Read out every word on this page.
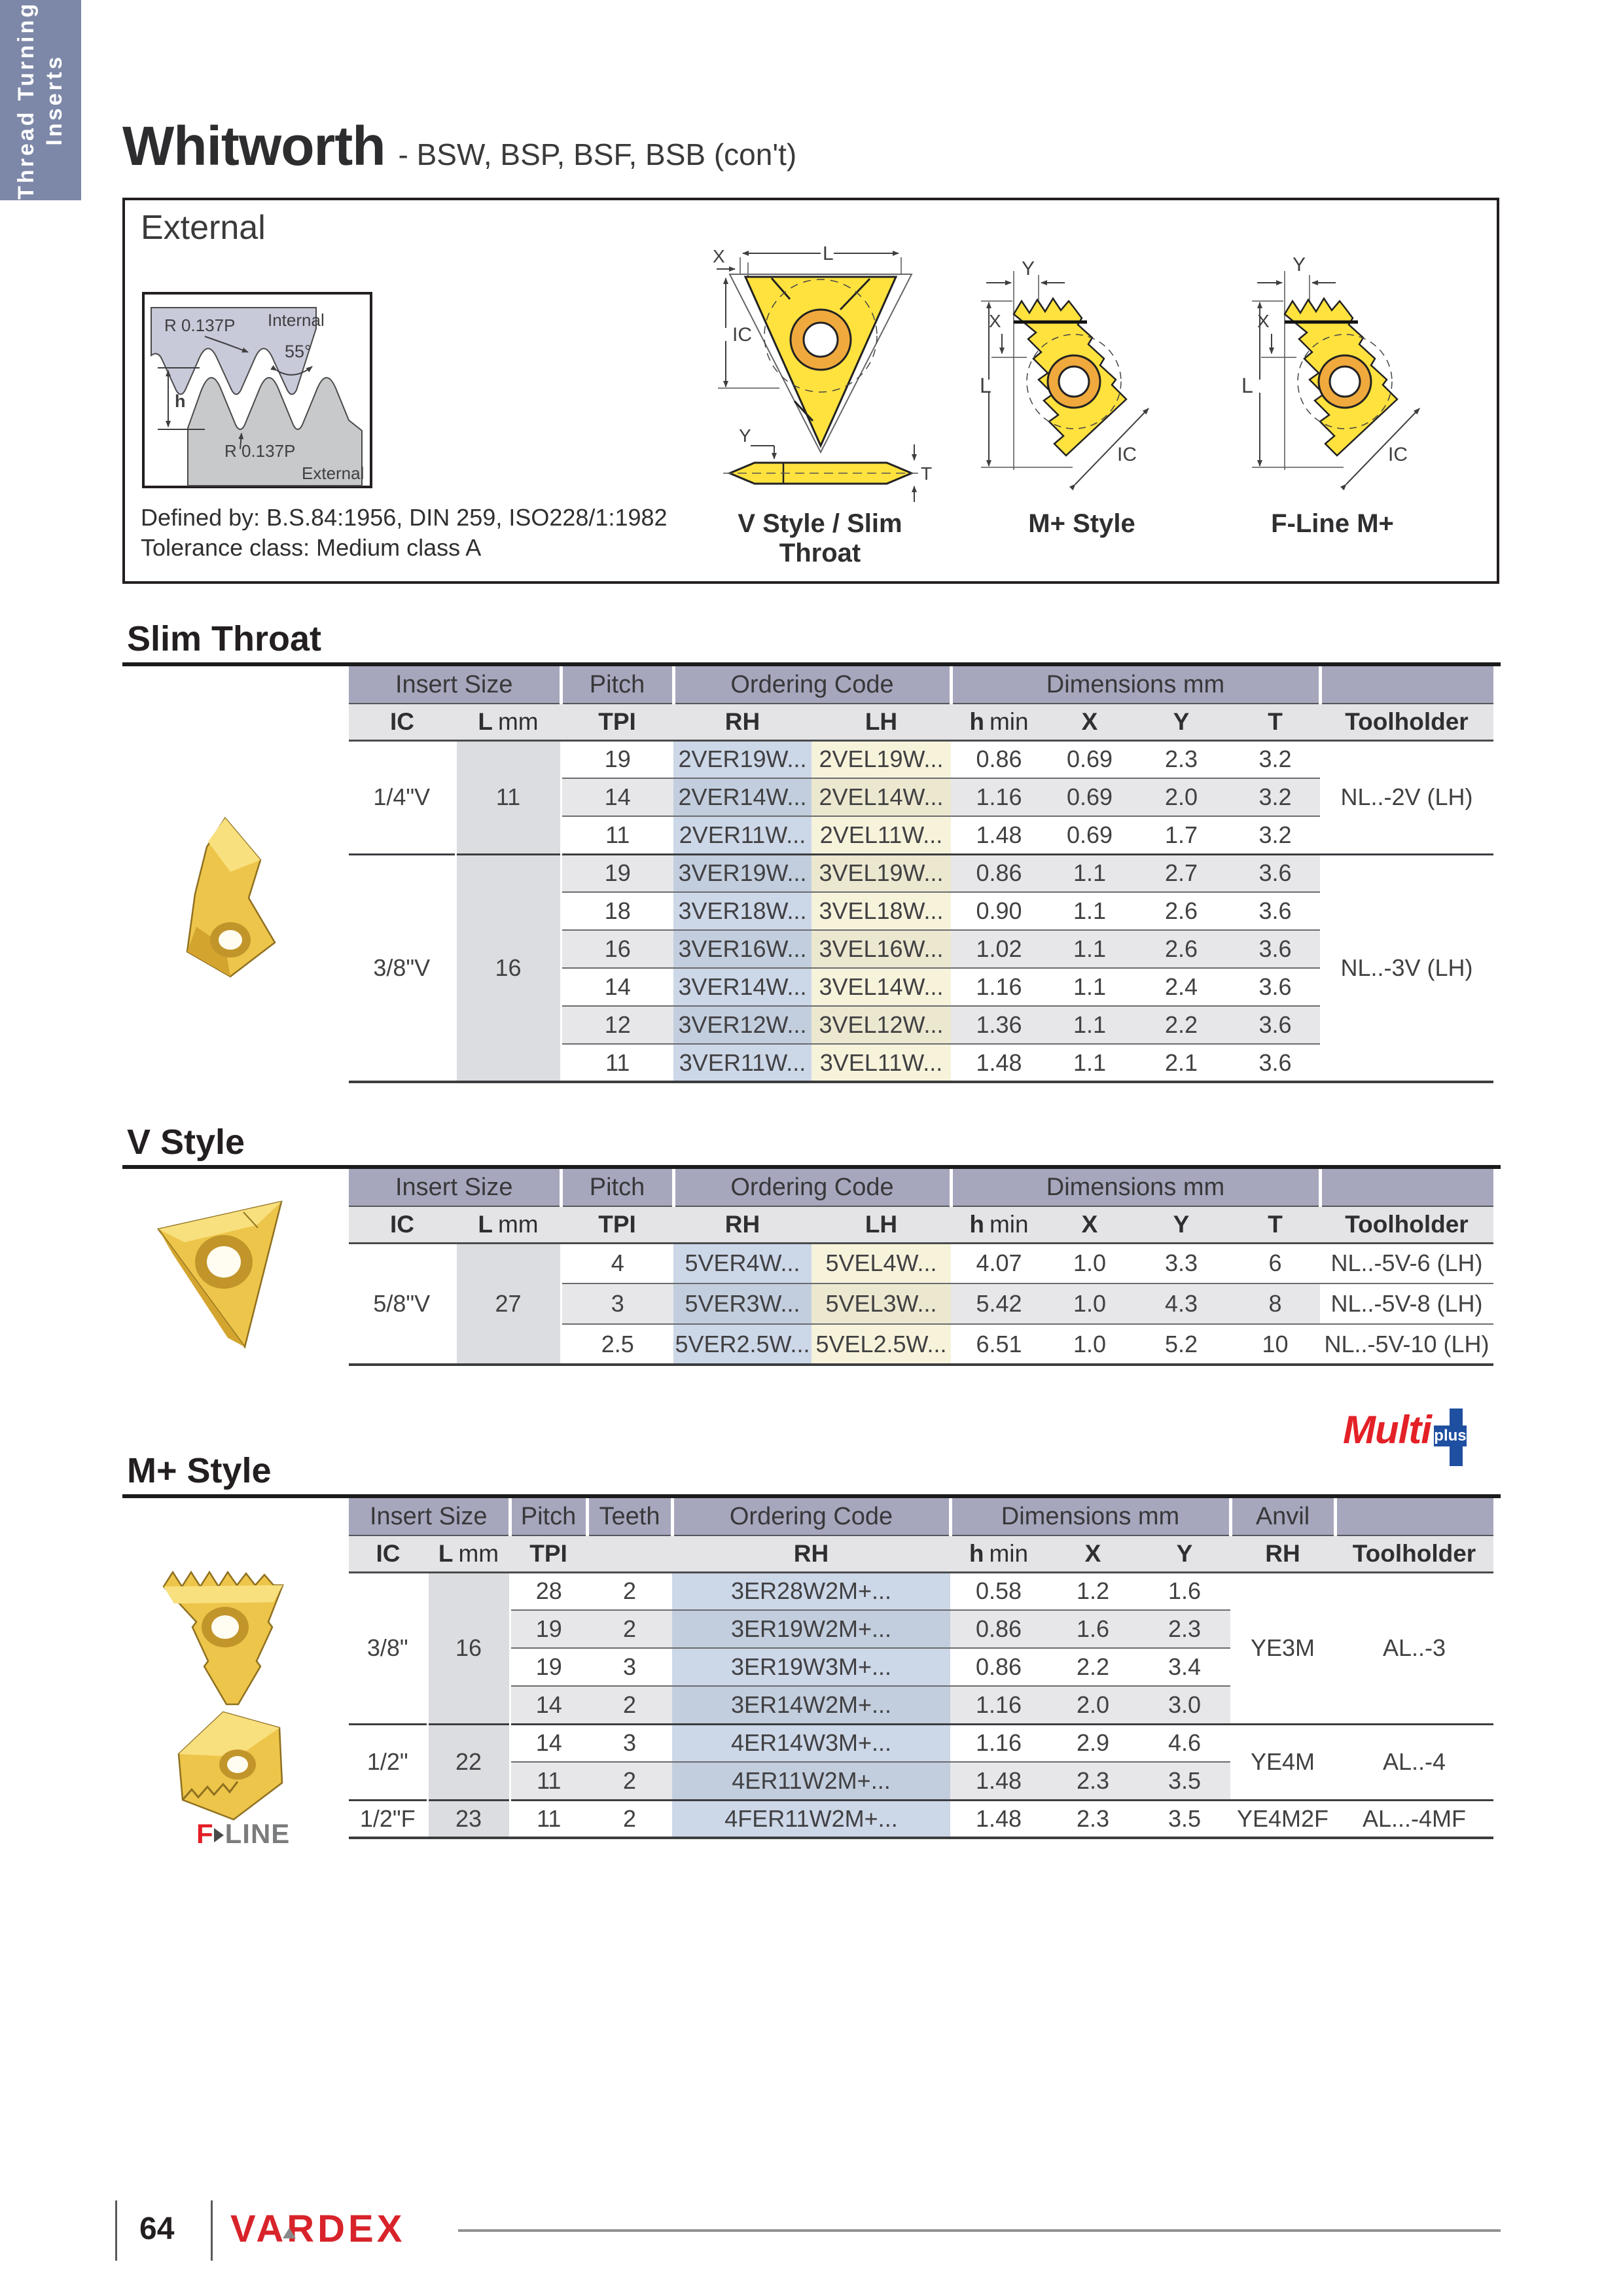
Thread Turning Inserts
Whitworth - BSW, BSP, BSF, BSB (con't)
External
R 0.137P Internal
55°
h
R 0.137P
External
Defined by: B.S.84:1956, DIN 259, ISO228/1:1982
Tolerance class: Medium class A
L
X
IC
Y
T
V Style / Slim Throat
Y
X
L
IC
M+ Style
Y
X
L
IC
F-Line M+
Slim Throat
Insert Size		Pitch	Ordering Code		Dimensions mm				
IC	L mm	TPI	RH	LH	h min	X	Y	T	Toolholder
1/4"V	11	19	2VER19W...	2VEL19W...	0.86	0.69	2.3	3.2	NL..-2V (LH)
		14	2VER14W...	2VEL14W...	1.16	0.69	2.0	3.2	
		11	2VER11W...	2VEL11W...	1.48	0.69	1.7	3.2	
3/8"V	16	19	3VER19W...	3VEL19W...	0.86	1.1	2.7	3.6	NL..-3V (LH)
		18	3VER18W...	3VEL18W...	0.90	1.1	2.6	3.6	
		16	3VER16W...	3VEL16W...	1.02	1.1	2.6	3.6	
		14	3VER14W...	3VEL14W...	1.16	1.1	2.4	3.6	
		12	3VER12W...	3VEL12W...	1.36	1.1	2.2	3.6	
		11	3VER11W...	3VEL11W...	1.48	1.1	2.1	3.6	
V Style
Insert Size		Pitch	Ordering Code		Dimensions mm				
IC	L mm	TPI	RH	LH	h min	X	Y	T	Toolholder
5/8"V	27	4	5VER4W...	5VEL4W...	4.07	1.0	3.3	6	NL..-5V-6 (LH)
		3	5VER3W...	5VEL3W...	5.42	1.0	4.3	8	NL..-5V-8 (LH)
		2.5	5VER2.5W...	5VEL2.5W...	6.51	1.0	5.2	10	NL..-5V-10 (LH)
M+ Style
Multi plus
F LINE
Insert Size		Pitch	Teeth	Ordering Code	Dimensions mm			Anvil	
IC	L mm	TPI		RH	h min	X	Y	RH	Toolholder
3/8"	16	28	2	3ER28W2M+...	0.58	1.2	1.6	YE3M	AL..-3
		19	2	3ER19W2M+...	0.86	1.6	2.3		
		19	3	3ER19W3M+...	0.86	2.2	3.4		
		14	2	3ER14W2M+...	1.16	2.0	3.0		
1/2"	22	14	3	4ER14W3M+...	1.16	2.9	4.6	YE4M	AL..-4
		11	2	4ER11W2M+...	1.48	2.3	3.5		
1/2"F	23	11	2	4FER11W2M+...	1.48	2.3	3.5	YE4M2F	AL...-4MF
64 VARDEX
